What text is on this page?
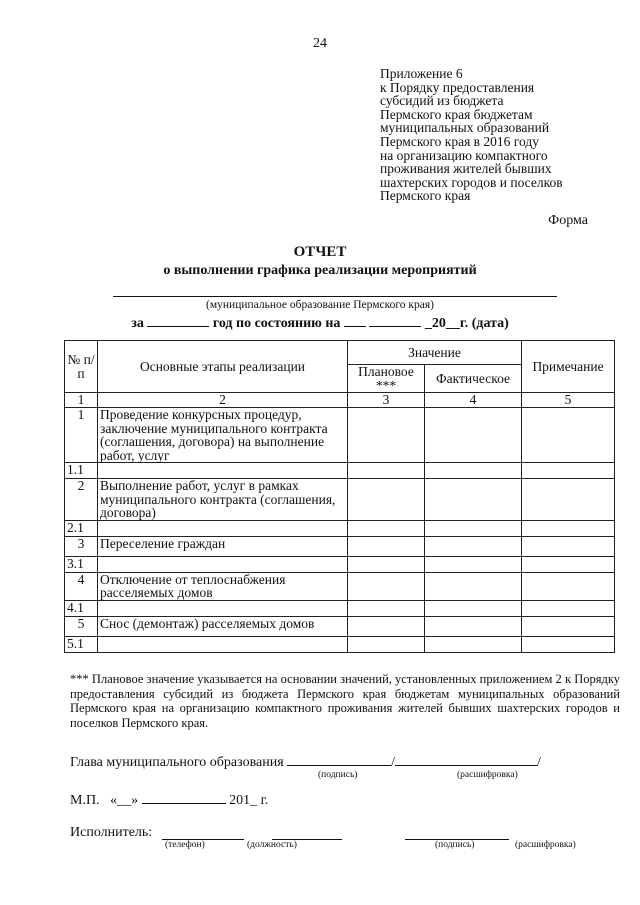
24
Приложение 6
к Порядку предоставления
субсидий из бюджета
Пермского края бюджетам
муниципальных образований
Пермского края в 2016 году
на организацию компактного
проживания жителей бывших
шахтерских городов и поселков
Пермского края
Форма
ОТЧЕТ
о выполнении графика реализации мероприятий
(муниципальное образование Пермского края)
за	год по состоянию на	_20__г. (дата)
№ п/п	Основные этапы реализации	Значение		Примечание
		Плановое ***	Фактическое	
1	2	3	4	5
1	Проведение конкурсных процедур, заключение муниципального контракта (соглашения, договора) на выполнение работ, услуг			
1.1				
2	Выполнение работ, услуг в рамках муниципального контракта (соглашения, договора)			
2.1				
3	Переселение граждан			
3.1				
4	Отключение от теплоснабжения расселяемых домов			
4.1				
5	Снос (демонтаж) расселяемых домов			
5.1				
*** Плановое значение указывается на основании значений, установленных приложением 2 к Порядку предоставления субсидий из бюджета Пермского края бюджетам муниципальных образований Пермского края на организацию компактного проживания жителей бывших шахтерских городов и поселков Пермского края.
Глава муниципального образования	/	/
(подпись)	(расшифровка)
М.П. «__»	201_ г.
Исполнитель:
(телефон)	(должность)	(подпись)	(расшифровка)
